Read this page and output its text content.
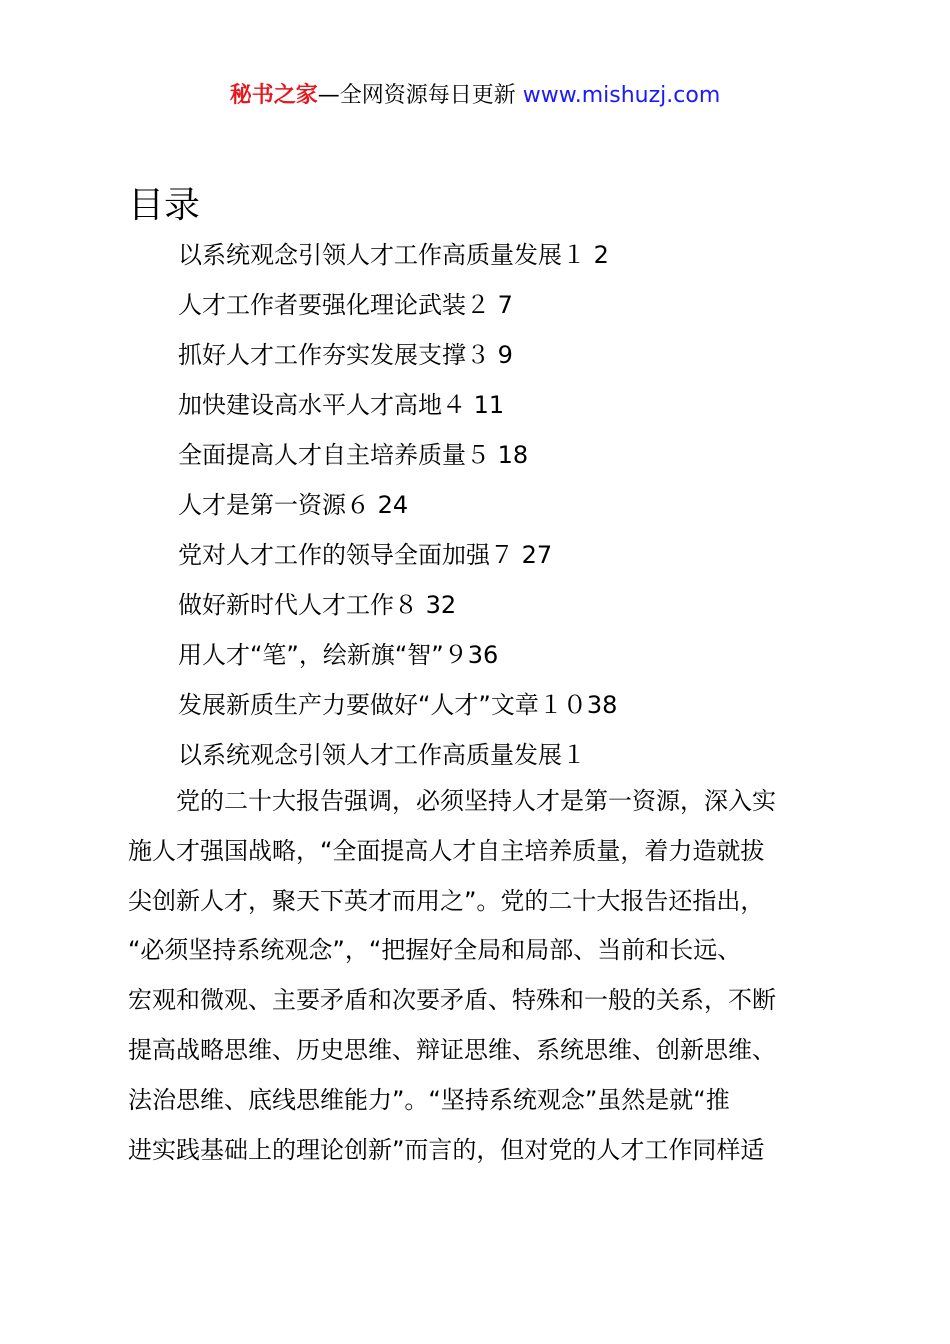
秘书之家—全网资源每日更新 www.mishuzj.com
目录
以系统观念引领人才工作高质量发展１ 2
人才工作者要强化理论武装２ 7
抓好人才工作夯实发展支撑３ 9
加快建设高水平人才高地４ 11
全面提高人才自主培养质量５ 18
人才是第一资源６ 24
党对人才工作的领导全面加强７ 27
做好新时代人才工作８ 32
用人才“笔”，绘新旗“智”９36
发展新质生产力要做好“人才”文章１０38
以系统观念引领人才工作高质量发展１
　　党的二十大报告强调，必须坚持人才是第一资源，深入实
施人才强国战略，“全面提高人才自主培养质量，着力造就拔
尖创新人才，聚天下英才而用之”。党的二十大报告还指出，
“必须坚持系统观念”，“把握好全局和局部、当前和长远、
宏观和微观、主要矛盾和次要矛盾、特殊和一般的关系，不断
提高战略思维、历史思维、辩证思维、系统思维、创新思维、
法治思维、底线思维能力”。“坚持系统观念”虽然是就“推
进实践基础上的理论创新”而言的，但对党的人才工作同样适
